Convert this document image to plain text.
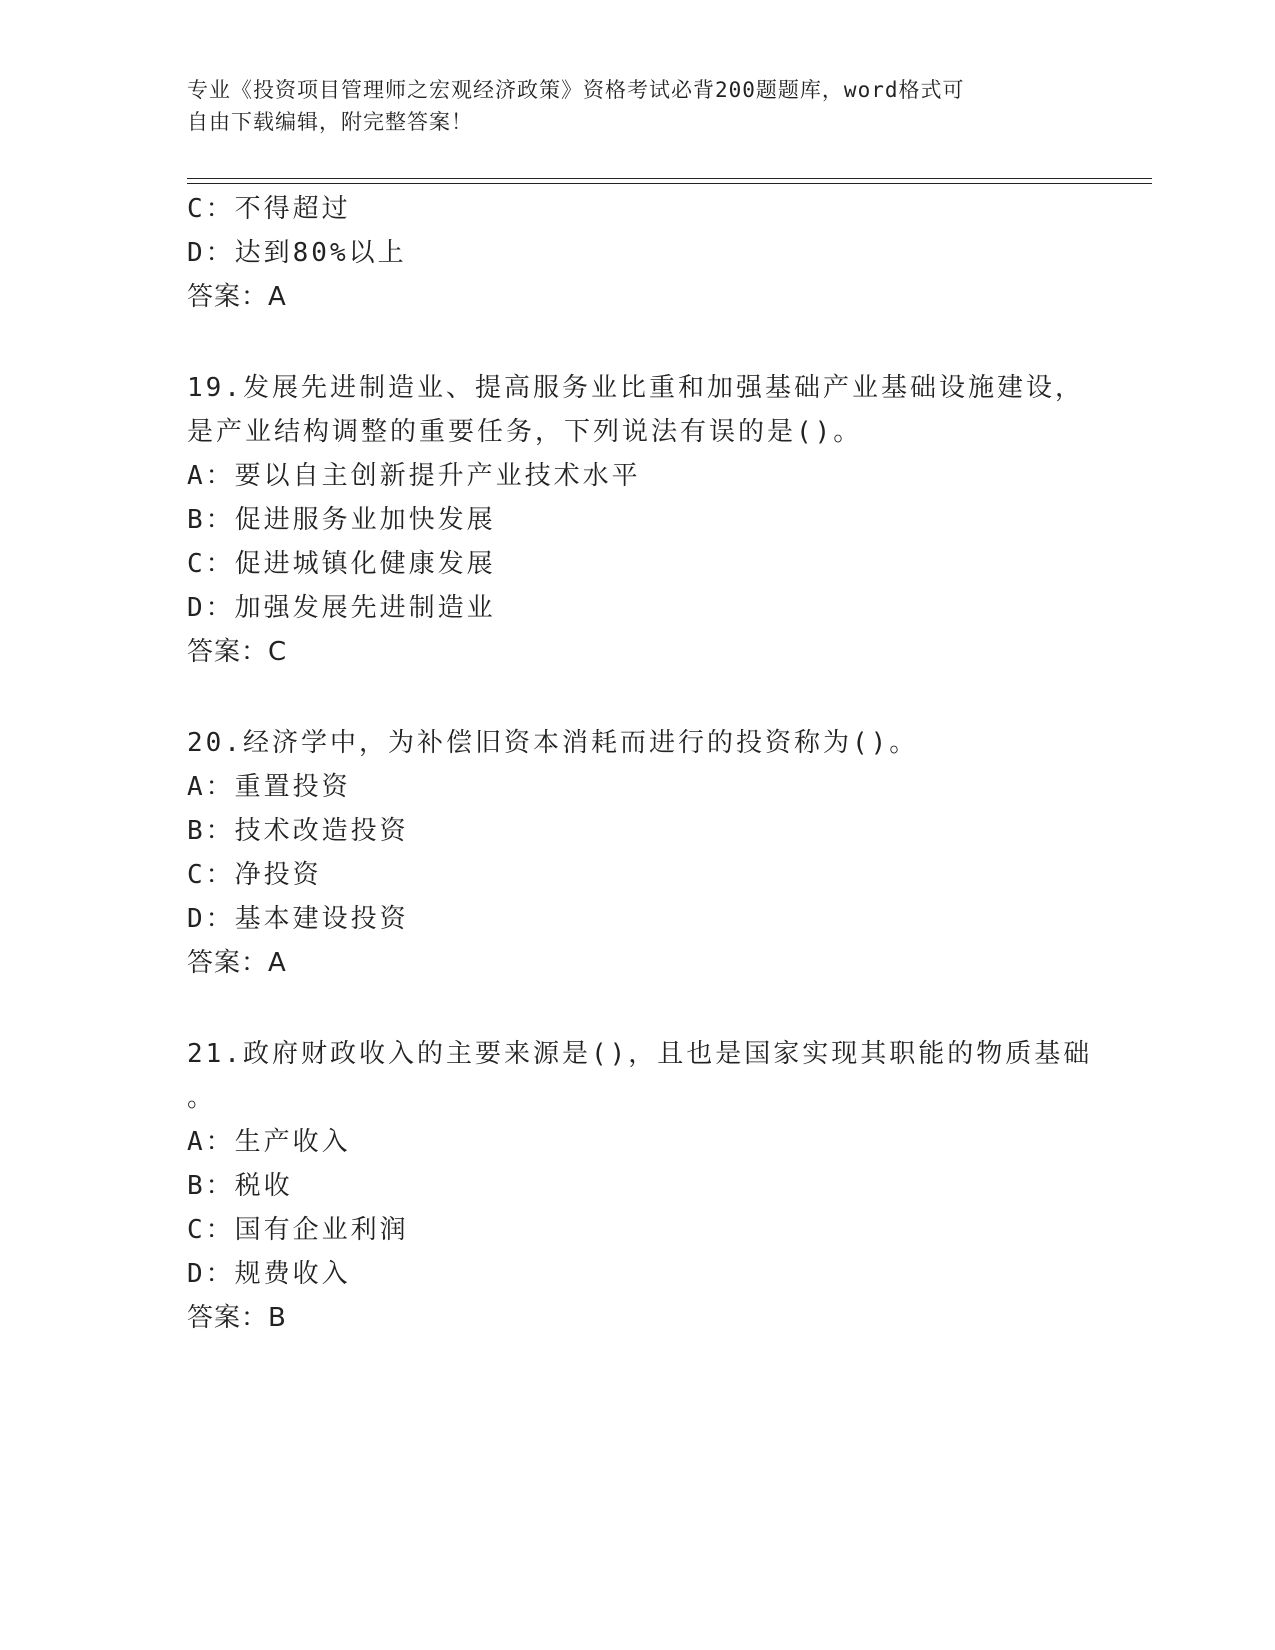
专业《投资项目管理师之宏观经济政策》资格考试必背200题题库，word格式可
自由下载编辑，附完整答案！
C：不得超过
D：达到80%以上
答案：A
19.发展先进制造业、提高服务业比重和加强基础产业基础设施建设，
是产业结构调整的重要任务，下列说法有误的是()。
A：要以自主创新提升产业技术水平
B：促进服务业加快发展
C：促进城镇化健康发展
D：加强发展先进制造业
答案：C
20.经济学中，为补偿旧资本消耗而进行的投资称为()。
A：重置投资
B：技术改造投资
C：净投资
D：基本建设投资
答案：A
21.政府财政收入的主要来源是()，且也是国家实现其职能的物质基础
。
A：生产收入
B：税收
C：国有企业利润
D：规费收入
答案：B
